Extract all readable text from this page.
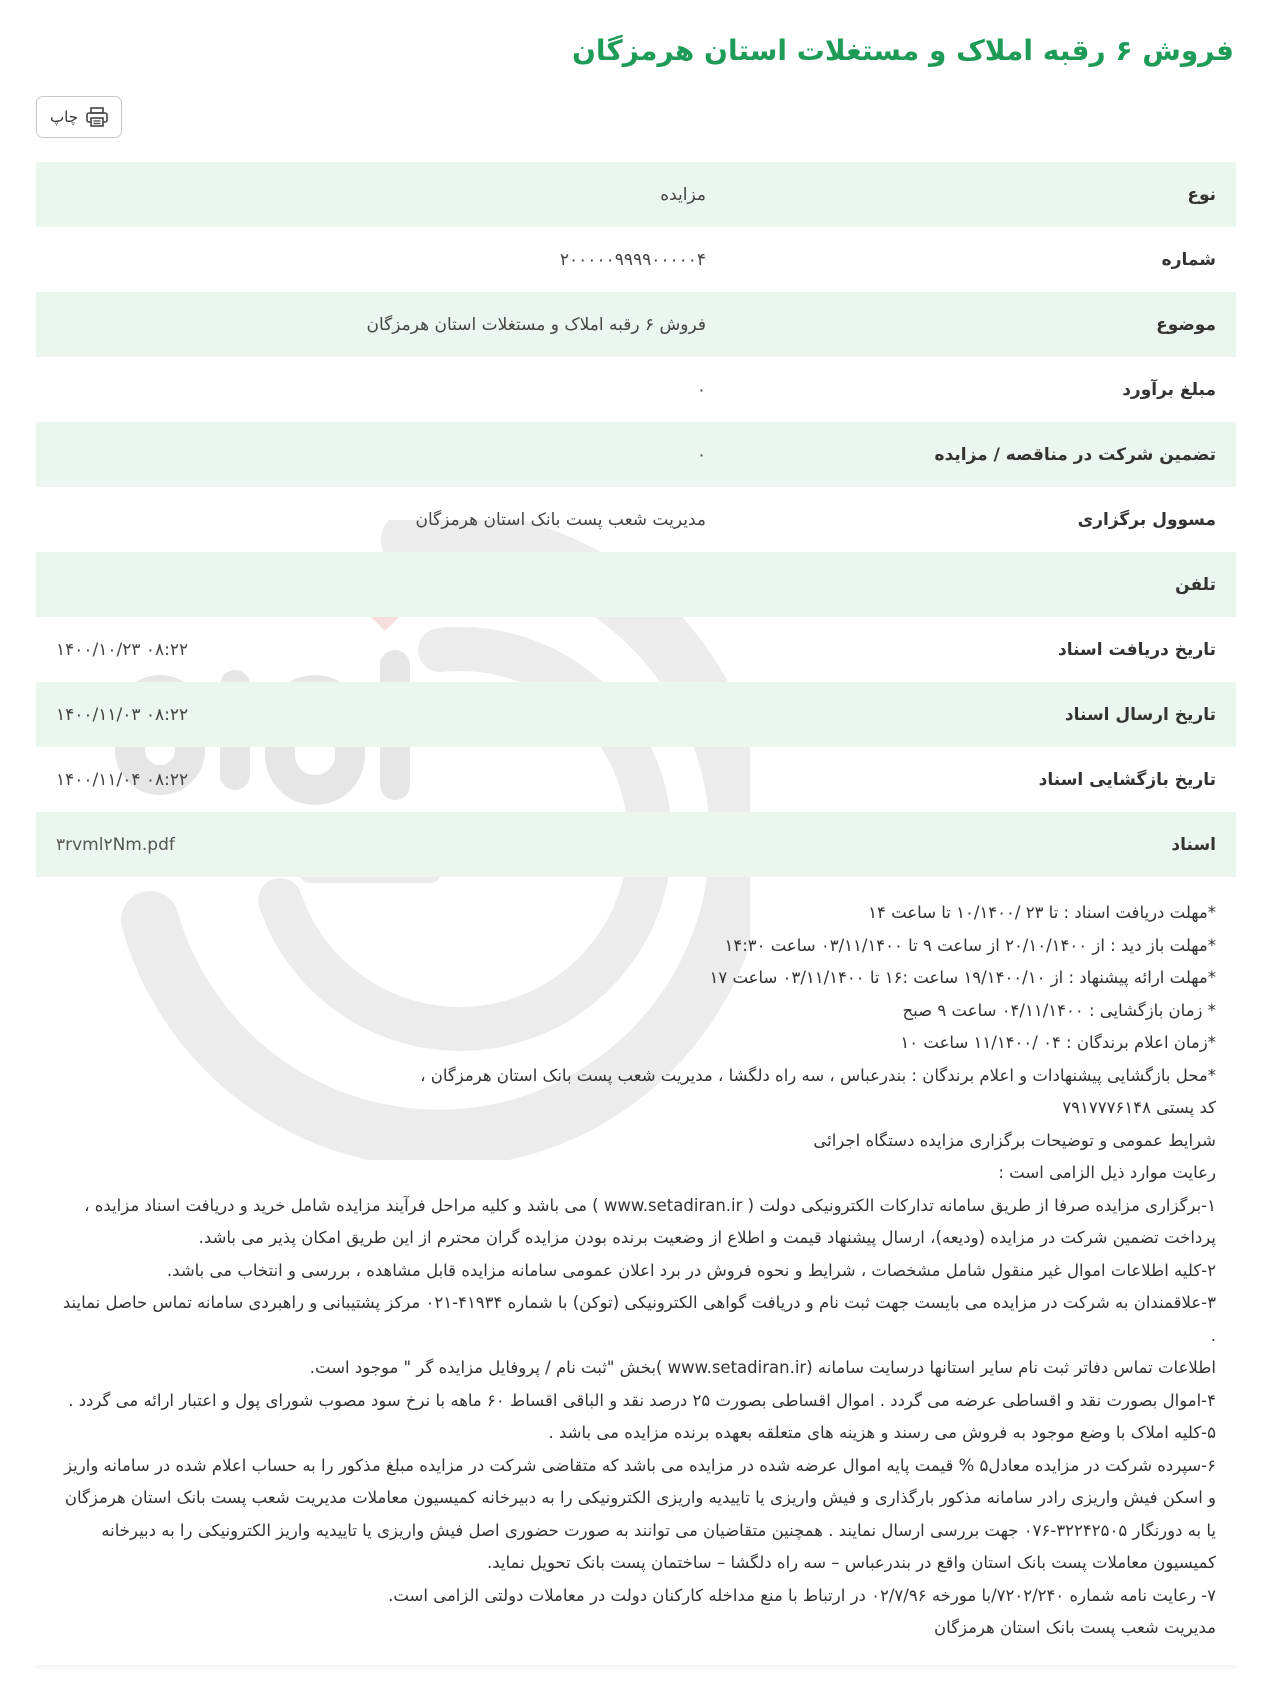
فروش ۶ رقبه املاک و مستغلات استان هرمزگان
چاپ
نوع	مزایده
شماره	۲۰۰۰۰۰۹۹۹۹۰۰۰۰۰۴
موضوع	فروش ۶ رقبه املاک و مستغلات استان هرمزگان
مبلغ برآورد	۰
تضمین شرکت در مناقصه / مزایده	۰
مسوول برگزاری	مدیریت شعب پست بانک استان هرمزگان
تلفن	
تاریخ دریافت اسناد	۱۴۰۰/۱۰/۲۳ ۰۸:۲۲
تاریخ ارسال اسناد	۱۴۰۰/۱۱/۰۳ ۰۸:۲۲
تاریخ بازگشایی اسناد	۱۴۰۰/۱۱/۰۴ ۰۸:۲۲
اسناد	۳rvml۲Nm.pdf

*مهلت دریافت اسناد : تا ۲۳ /۱۰/۱۴۰۰ تا ساعت ۱۴

*مهلت باز دید : از ۲۰/۱۰/۱۴۰۰ از ساعت ۹ تا ۰۳/۱۱/۱۴۰۰ ساعت ۱۴:۳۰

*مهلت ارائه پیشنهاد : از ۱۹/۱۴۰۰/۱۰ ساعت :۱۶ تا ۰۳/۱۱/۱۴۰۰ ساعت ۱۷

* زمان بازگشایی : ۰۴/۱۱/۱۴۰۰ ساعت ۹ صبح

*زمان اعلام برندگان : ۰۴ /۱۱/۱۴۰۰ ساعت ۱۰

*محل بازگشایی پیشنهادات و اعلام برندگان : بندرعباس ، سه راه دلگشا ، مدیریت شعب پست بانک استان هرمزگان ،

کد پستی ۷۹۱۷۷۷۶۱۴۸

شرایط عمومی و توضیحات برگزاری مزایده دستگاه اجرائی

رعایت موارد ذیل الزامی است :

۱-برگزاری مزایده صرفا از طریق سامانه تدارکات الکترونیکی دولت ( www.setadiran.ir ) می باشد و کلیه مراحل فرآیند مزایده شامل خرید و دریافت اسناد مزایده ، پرداخت تضمین شرکت در مزایده (ودیعه)، ارسال پیشنهاد قیمت و اطلاع از وضعیت برنده بودن مزایده گران محترم از این طریق امکان پذیر می باشد.

۲-کلیه اطلاعات اموال غیر منقول شامل مشخصات ، شرایط و نحوه فروش در برد اعلان عمومی سامانه مزایده قابل مشاهده ، بررسی و انتخاب می باشد.

۳-علاقمندان به شرکت در مزایده می بایست جهت ثبت نام و دریافت گواهی الکترونیکی (توکن) با شماره ۴۱۹۳۴-۰۲۱ مرکز پشتیبانی و راهبردی سامانه تماس حاصل نمایند .

اطلاعات تماس دفاتر ثبت نام سایر استانها درسایت سامانه (www.setadiran.ir )بخش "ثبت نام / پروفایل مزایده گر " موجود است.

۴-اموال بصورت نقد و اقساطی عرضه می گردد . اموال اقساطی بصورت ۲۵ درصد نقد و الباقی اقساط ۶۰ ماهه با نرخ سود مصوب شورای پول و اعتبار ارائه می گردد .

۵-کلیه املاک با وضع موجود به فروش می رسند و هزینه های متعلقه بعهده برنده مزایده می باشد .

۶-سپرده شرکت در مزایده معادل۵ % قیمت پایه اموال عرضه شده در مزایده می باشد که متقاضی شرکت در مزایده مبلغ مذکور را به حساب اعلام شده در سامانه واریز و اسکن فیش واریزی رادر سامانه مذکور بارگذاری و فیش واریزی یا تاییدیه واریزی الکترونیکی را به دبیرخانه کمیسیون معاملات مدیریت شعب پست بانک استان هرمزگان یا به دورنگار ۳۲۲۴۲۵۰۵-۰۷۶ جهت بررسی ارسال نمایند . همچنین متقاضیان می توانند به صورت حضوری اصل فیش واریزی یا تاییدیه واریز الکترونیکی را به دبیرخانه کمیسیون معاملات پست بانک استان واقع در بندرعباس – سه راه دلگشا – ساختمان پست بانک تحویل نماید.

۷- رعایت نامه شماره ۷۲۰۲/۲۴۰/با مورخه ۰۲/۷/۹۶ در ارتباط با منع مداخله کارکنان دولت در معاملات دولتی الزامی است.

مدیریت شعب پست بانک استان هرمزگان
